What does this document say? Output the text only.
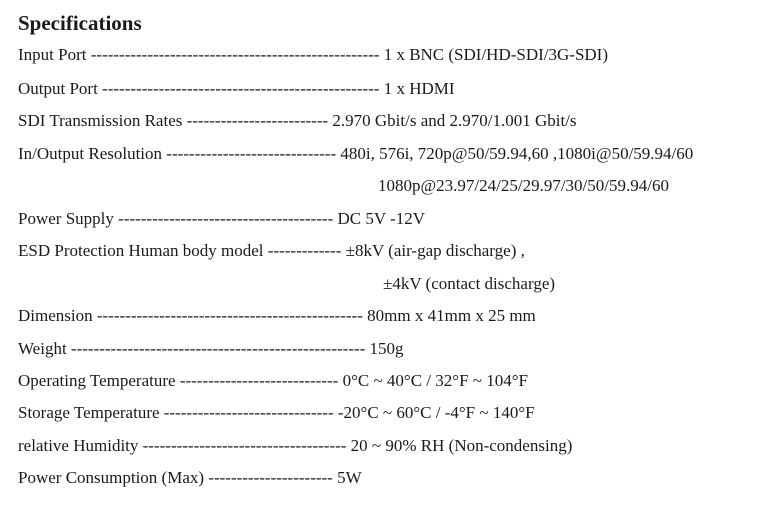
Specifications
Input Port --------------------------------------------------- 1 x BNC (SDI/HD-SDI/3G-SDI)
Output Port ------------------------------------------------- 1 x HDMI
SDI Transmission Rates ------------------------- 2.970 Gbit/s and 2.970/1.001 Gbit/s
In/Output Resolution ------------------------------ 480i, 576i, 720p@50/59.94,60 ,1080i@50/59.94/60
1080p@23.97/24/25/29.97/30/50/59.94/60
Power Supply -------------------------------------- DC 5V -12V
ESD Protection Human body model ------------- ±8kV (air-gap discharge) ,
±4kV (contact discharge)
Dimension ----------------------------------------------- 80mm x 41mm x 25 mm
Weight ---------------------------------------------------- 150g
Operating Temperature ---------------------------- 0°C ~ 40°C / 32°F ~ 104°F
Storage Temperature ------------------------------ -20°C ~ 60°C / -4°F ~ 140°F
relative Humidity ------------------------------------ 20 ~ 90% RH (Non-condensing)
Power Consumption (Max) ---------------------- 5W
